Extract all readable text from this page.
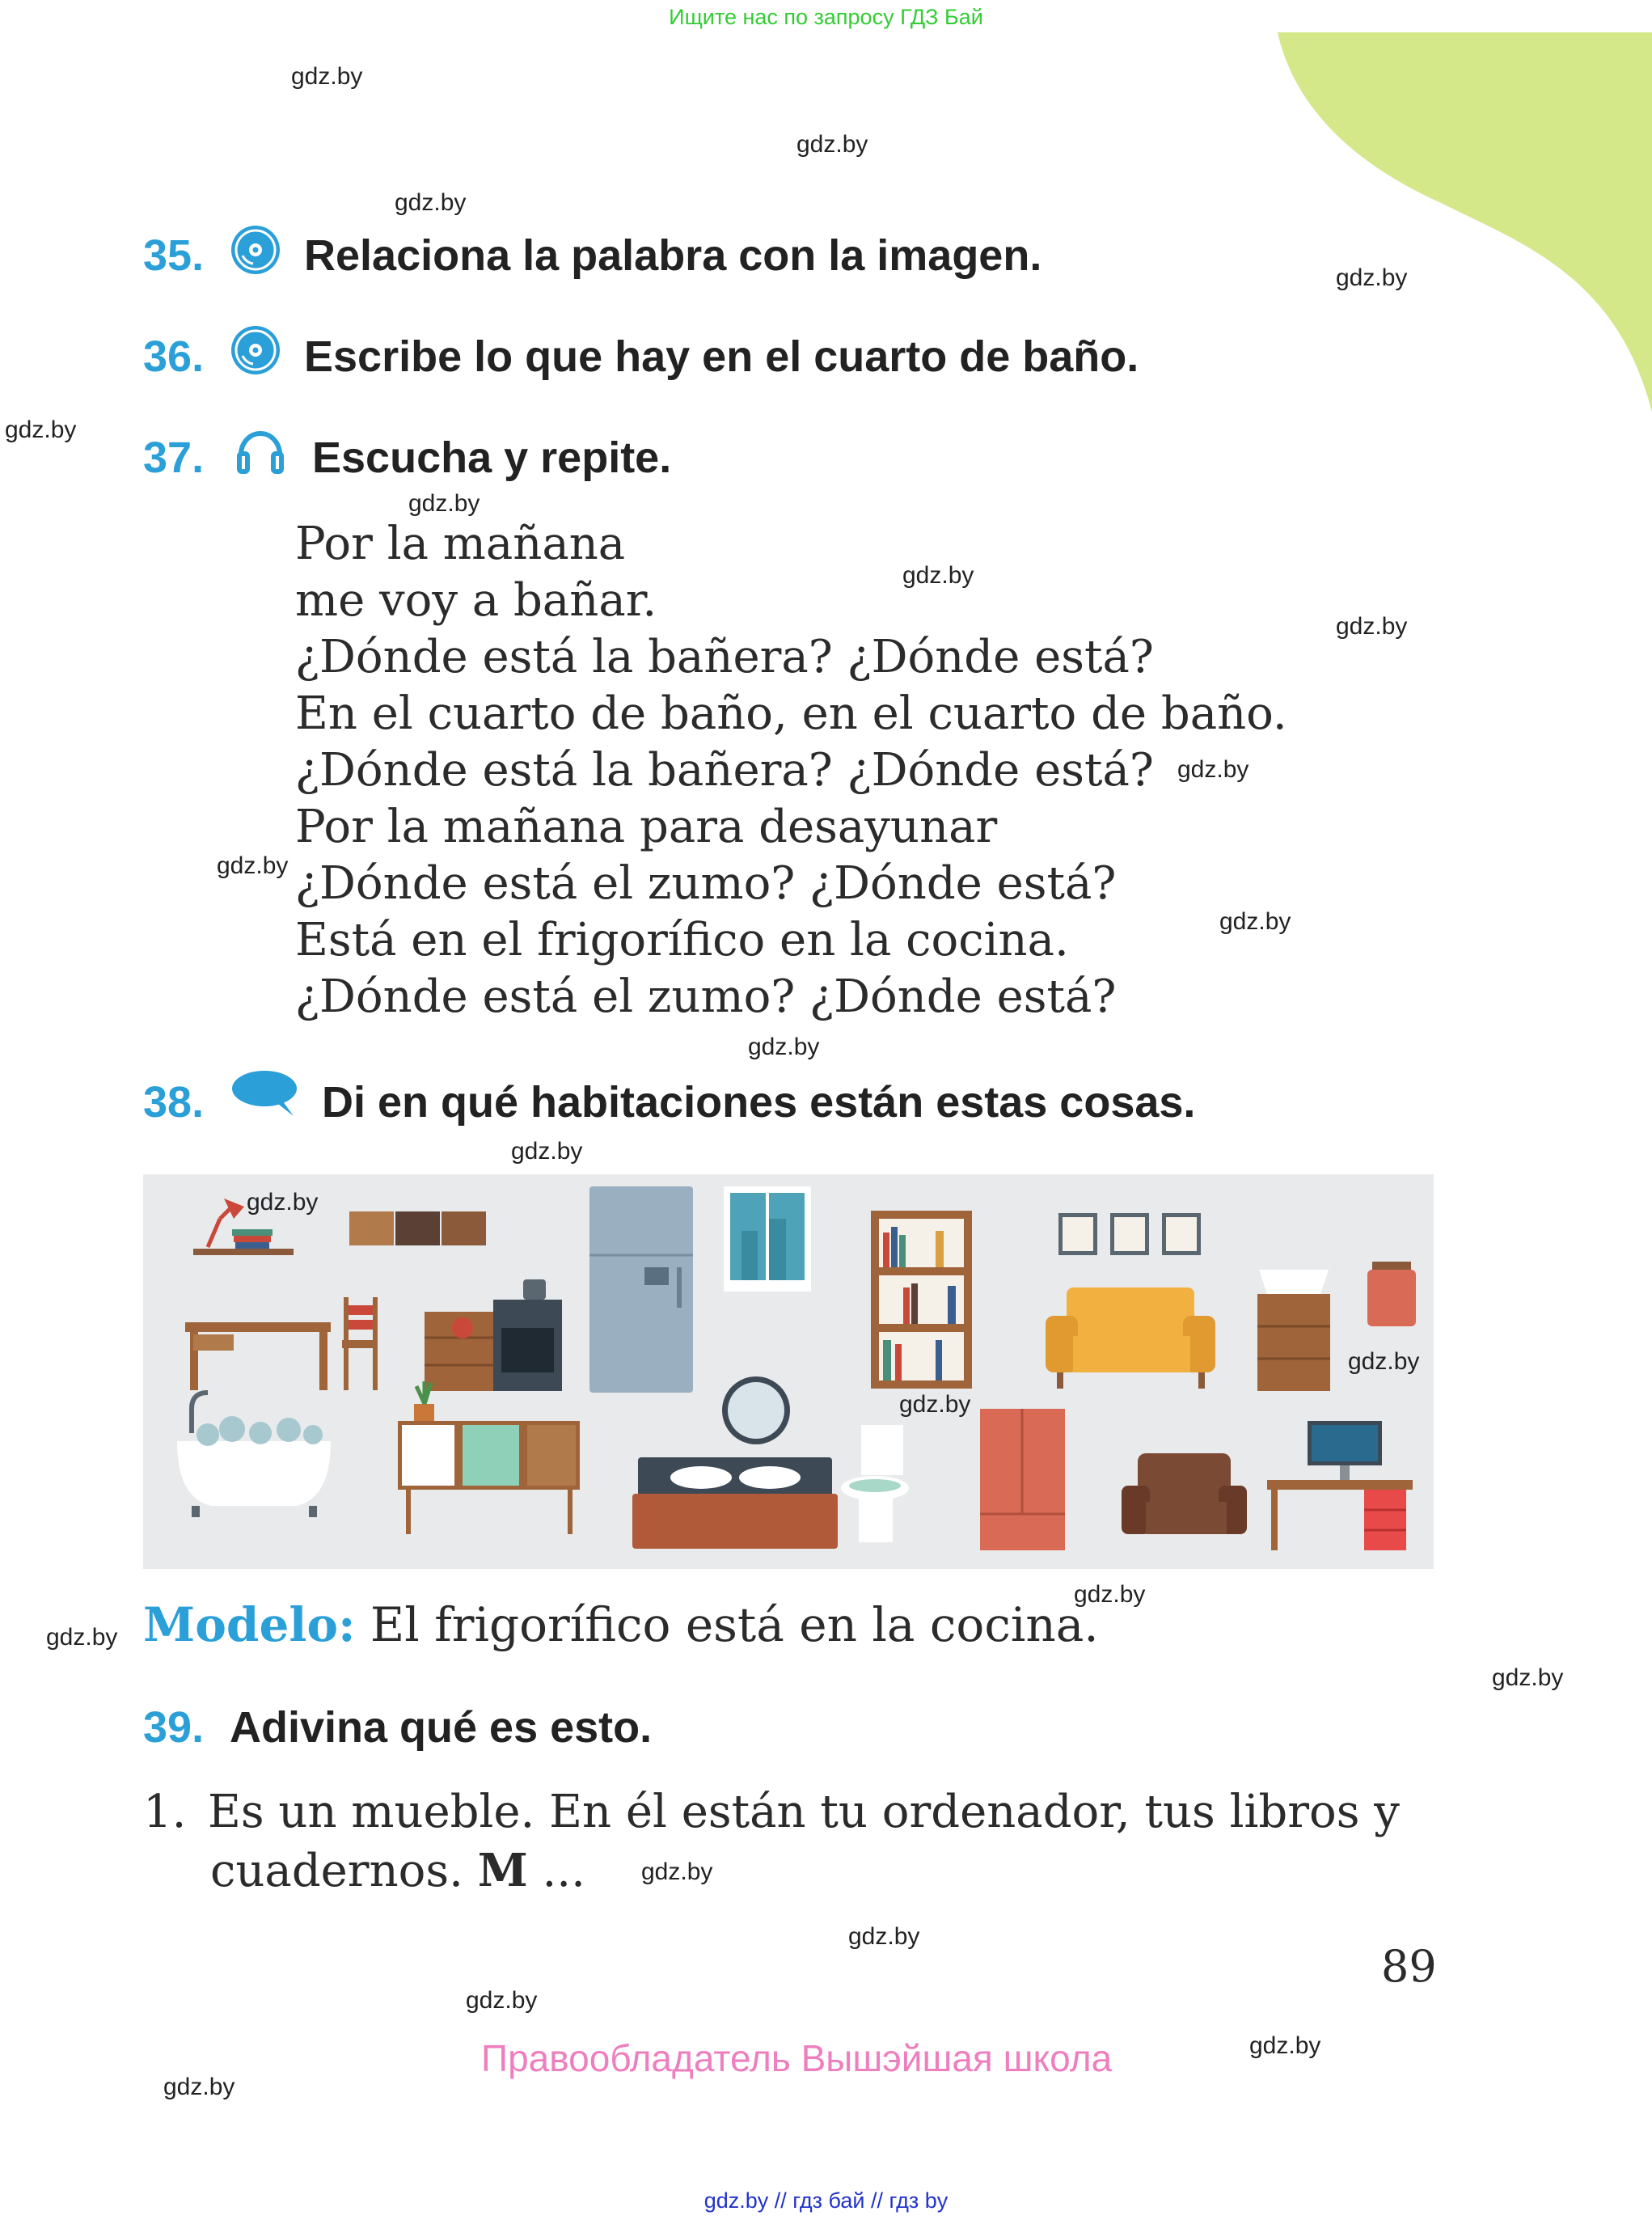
Ищите нас по запросу ГДЗ Бай
gdz.by
gdz.by
gdz.by
gdz.by
gdz.by
gdz.by
gdz.by
gdz.by
gdz.by
gdz.by
gdz.by
gdz.by
gdz.by
gdz.by
gdz.by
gdz.by
gdz.by
gdz.by
gdz.by
gdz.by
gdz.by
35. Relaciona la palabra con la imagen.
36. Escribe lo que hay en el cuarto de baño.
37. Escucha y repite.
Por la mañana
me voy a bañar.
¿Dónde está la bañera? ¿Dónde está?
En el cuarto de baño, en el cuarto de baño.
¿Dónde está la bañera? ¿Dónde está?
Por la mañana para desayunar
¿Dónde está el zumo? ¿Dónde está?
Está en el frigorífico en la cocina.
¿Dónde está el zumo? ¿Dónde está?
38.	Di en qué habitaciones están estas cosas.
gdz.by
gdz.by
gdz.by
Modelo: El frigorífico está en la cocina.
39. Adivina qué es esto.
1. Es un mueble. En él están tu ordenador, tus libros y
cuadernos. M ...
89
Правообладатель Вышэйшая школа
gdz.by // гдз бай // гдз by
